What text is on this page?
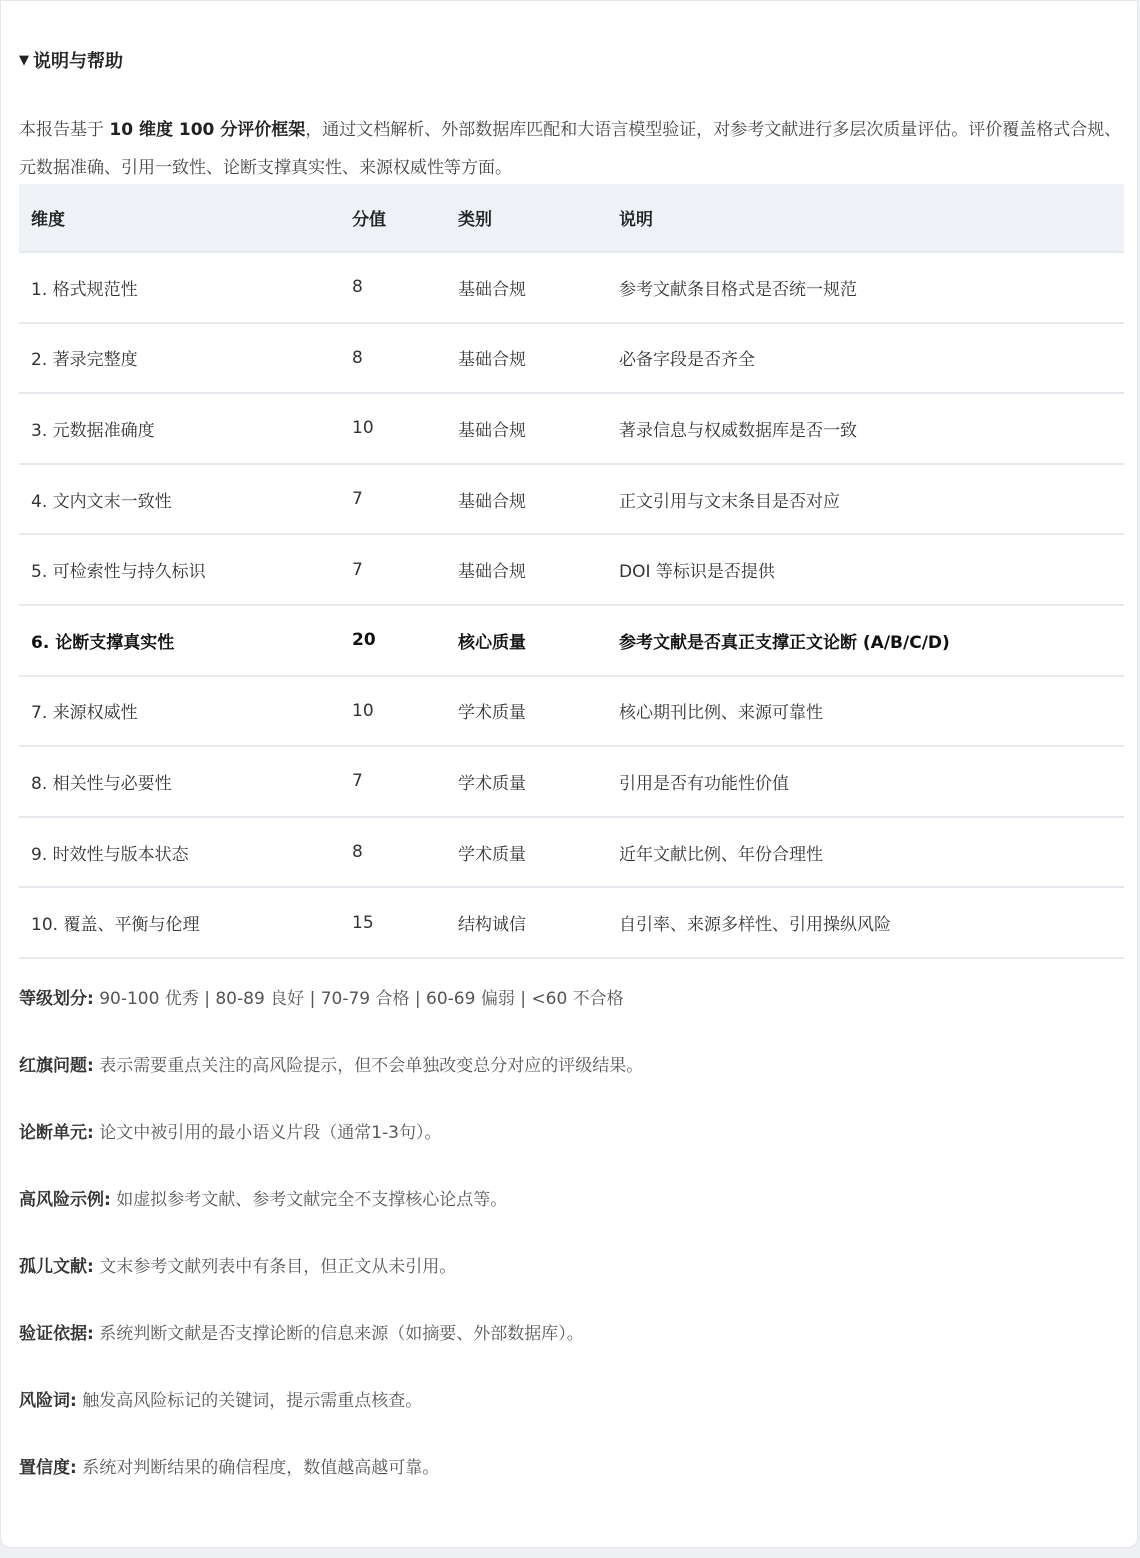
▼ 说明与帮助
本报告基于 10 维度 100 分评价框架，通过文档解析、外部数据库匹配和大语言模型验证，对参考文献进行多层次质量评估。评价覆盖格式合规、元数据准确、引用一致性、论断支撑真实性、来源权威性等方面。
维度	分值	类别	说明
1. 格式规范性	8	基础合规	参考文献条目格式是否统一规范
2. 著录完整度	8	基础合规	必备字段是否齐全
3. 元数据准确度	10	基础合规	著录信息与权威数据库是否一致
4. 文内文末一致性	7	基础合规	正文引用与文末条目是否对应
5. 可检索性与持久标识	7	基础合规	DOI 等标识是否提供
6. 论断支撑真实性	20	核心质量	参考文献是否真正支撑正文论断 (A/B/C/D)
7. 来源权威性	10	学术质量	核心期刊比例、来源可靠性
8. 相关性与必要性	7	学术质量	引用是否有功能性价值
9. 时效性与版本状态	8	学术质量	近年文献比例、年份合理性
10. 覆盖、平衡与伦理	15	结构诚信	自引率、来源多样性、引用操纵风险
等级划分: 90-100 优秀 | 80-89 良好 | 70-79 合格 | 60-69 偏弱 | <60 不合格
红旗问题: 表示需要重点关注的高风险提示，但不会单独改变总分对应的评级结果。
论断单元: 论文中被引用的最小语义片段（通常1-3句）。
高风险示例: 如虚拟参考文献、参考文献完全不支撑核心论点等。
孤儿文献: 文末参考文献列表中有条目，但正文从未引用。
验证依据: 系统判断文献是否支撑论断的信息来源（如摘要、外部数据库）。
风险词: 触发高风险标记的关键词，提示需重点核查。
置信度: 系统对判断结果的确信程度，数值越高越可靠。
